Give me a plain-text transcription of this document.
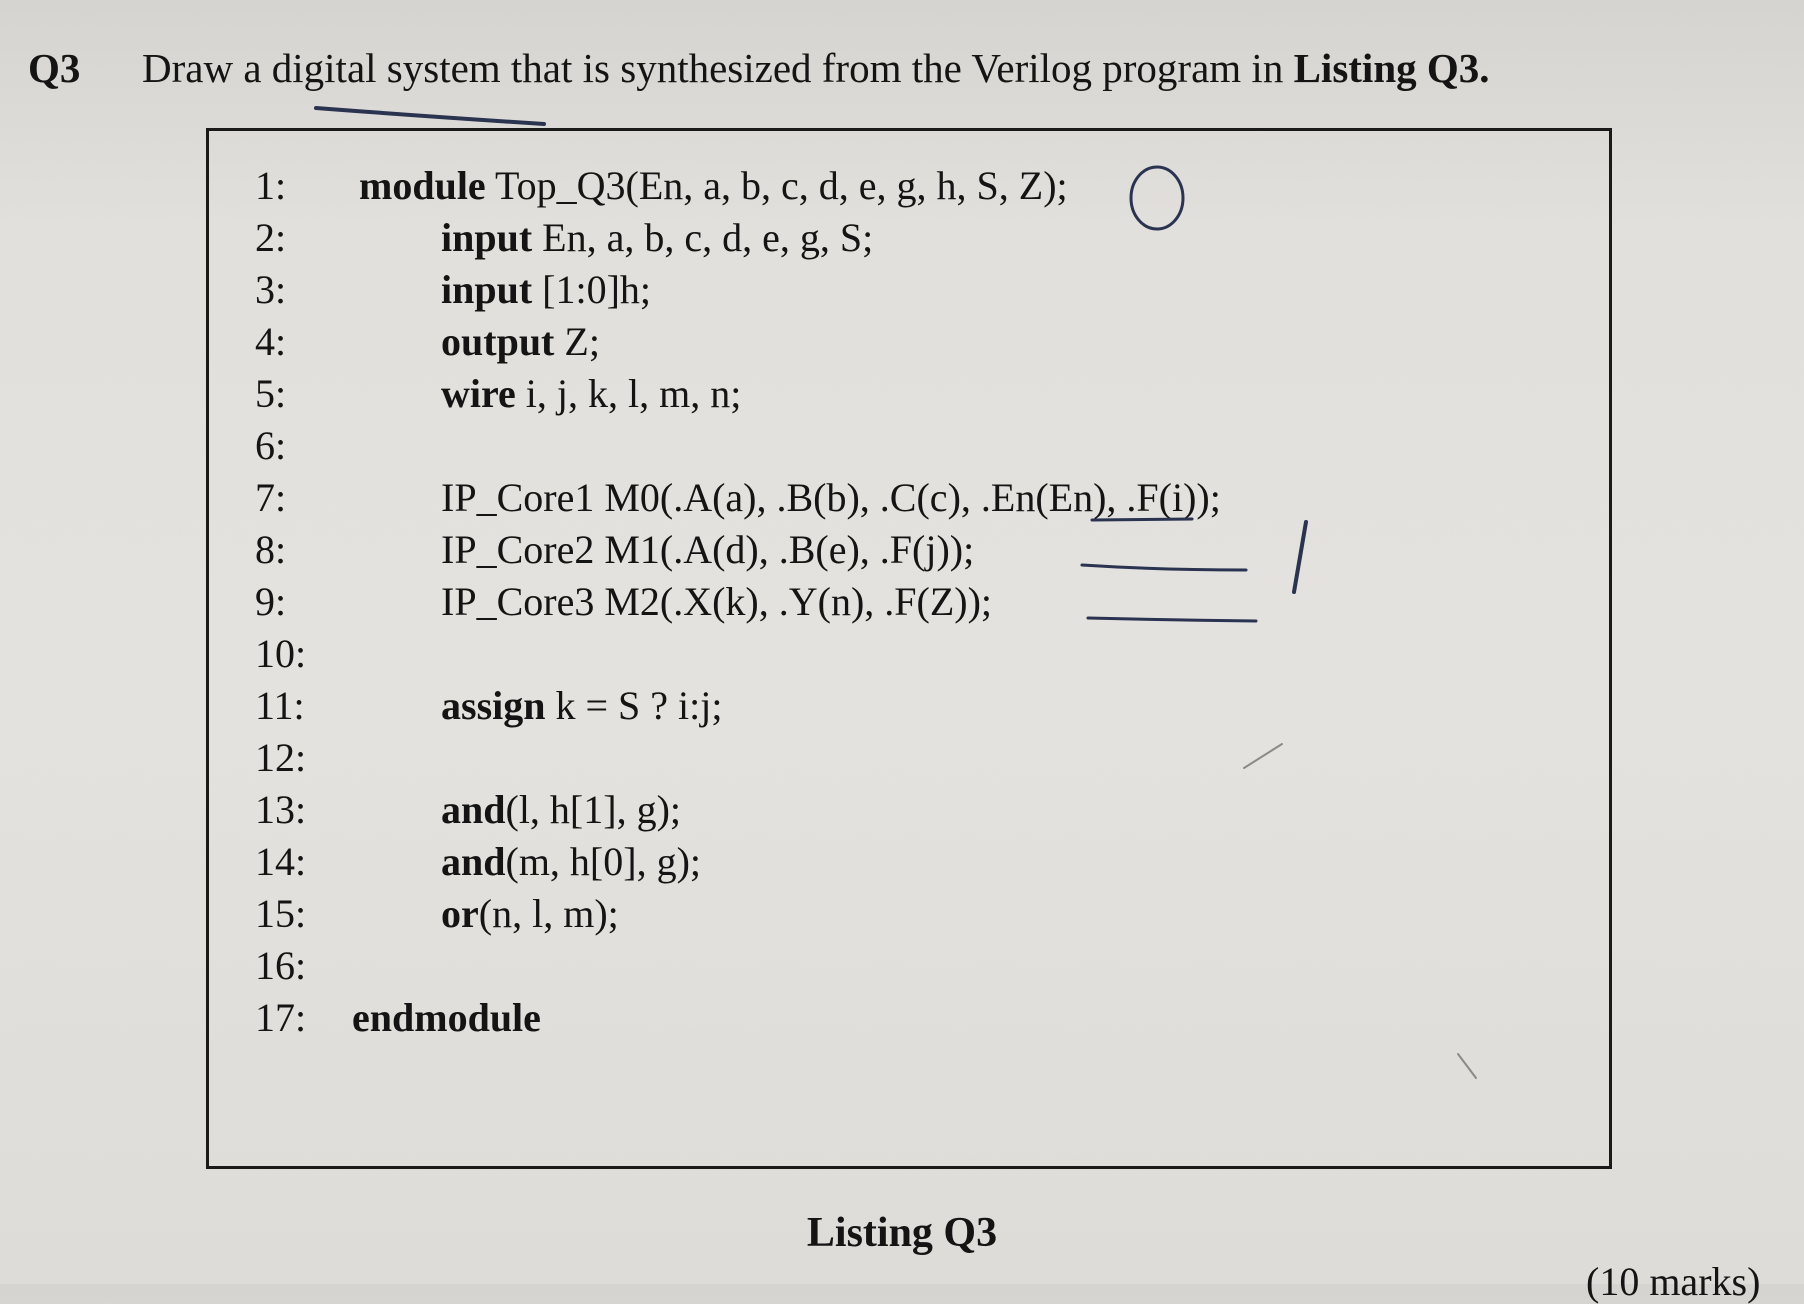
Q3 Draw a digital system that is synthesized from the Verilog program in Listing Q3.
1:	module Top_Q3(En, a, b, c, d, e, g, h, S, Z);
2:	input En, a, b, c, d, e, g, S;
3:	input [1:0]h;
4:	output Z;
5:	wire i, j, k, l, m, n;
6:
7:	IP_Core1 M0(.A(a), .B(b), .C(c), .En(En), .F(i));
8:	IP_Core2 M1(.A(d), .B(e), .F(j));
9:	IP_Core3 M2(.X(k), .Y(n), .F(Z));
10:
11:	assign k = S ? i:j;
12:
13:	and(l, h[1], g);
14:	and(m, h[0], g);
15:	or(n, l, m);
16:
17:	endmodule
Listing Q3
(10 marks)
